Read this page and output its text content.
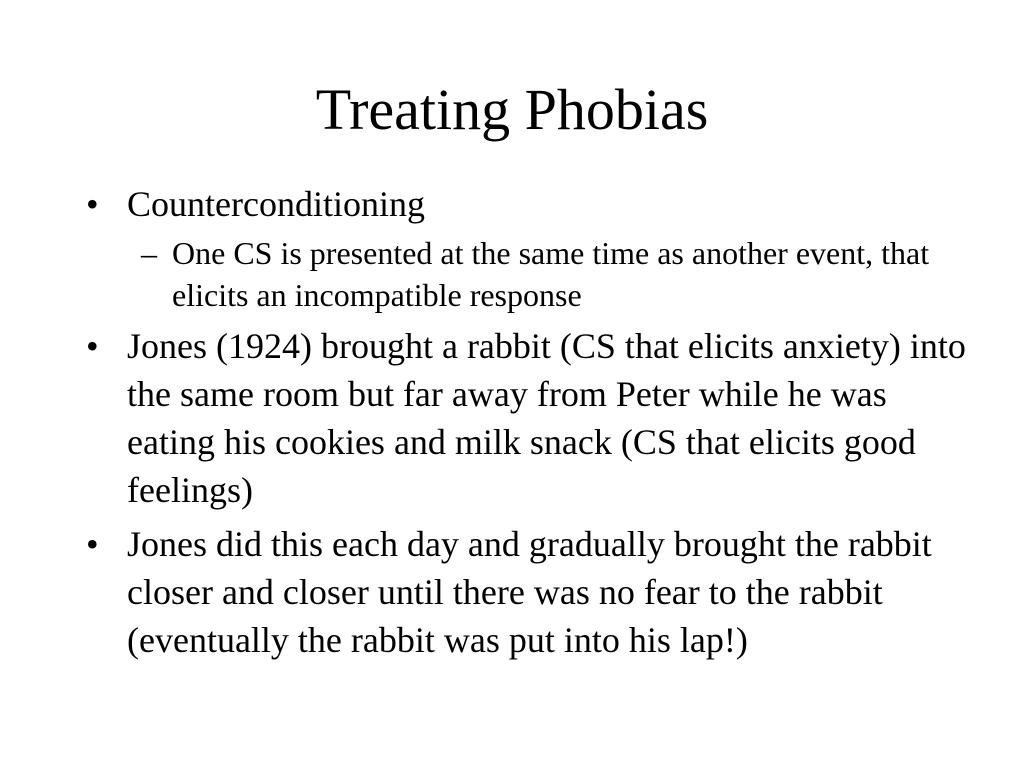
Treating Phobias
• Counterconditioning
– One CS is presented at the same time as another event, that elicits an incompatible response
• Jones (1924) brought a rabbit (CS that elicits anxiety) into the same room but far away from Peter while he was eating his cookies and milk snack (CS that elicits good feelings)
• Jones did this each day and gradually brought the rabbit closer and closer until there was no fear to the rabbit (eventually the rabbit was put into his lap!)
